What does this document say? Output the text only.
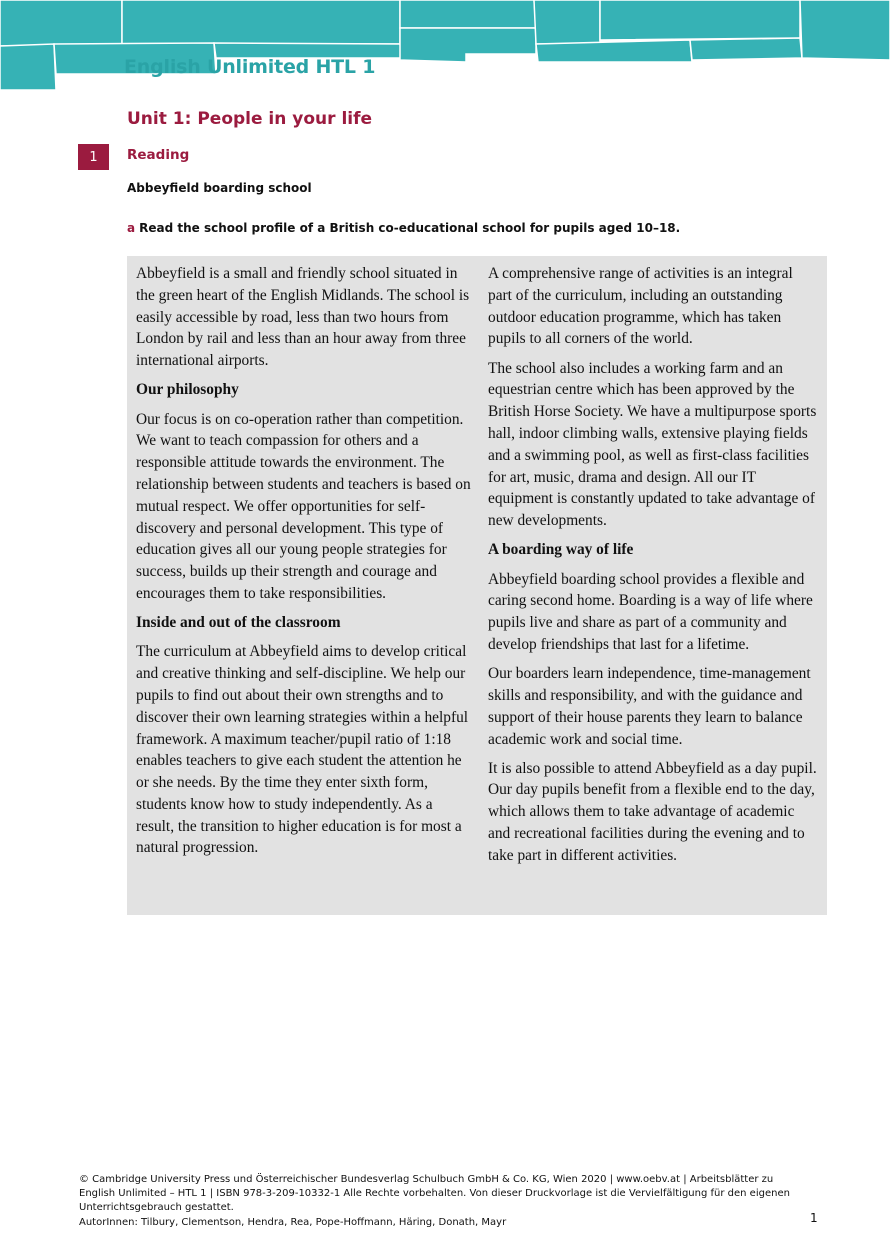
English Unlimited HTL 1
Unit 1: People in your life
1	Reading
Abbeyfield boarding school
a Read the school profile of a British co-educational school for pupils aged 10–18.

Abbeyfield is a small and friendly school situated in the green heart of the English Midlands. The school is easily accessible by road, less than two hours from London by rail and less than an hour away from three international airports.

Our philosophy

Our focus is on co-operation rather than competition. We want to teach compassion for others and a responsible attitude towards the environment. The relationship between students and teachers is based on mutual respect. We offer opportunities for self-discovery and personal development. This type of education gives all our young people strategies for success, builds up their strength and courage and encourages them to take responsibilities.

Inside and out of the classroom

The curriculum at Abbeyfield aims to develop critical and creative thinking and self-discipline. We help our pupils to find out about their own strengths and to discover their own learning strategies within a helpful framework. A maximum teacher/pupil ratio of 1:18 enables teachers to give each student the attention he or she needs. By the time they enter sixth form, students know how to study independently. As a result, the transition to higher education is for most a natural progression.

A comprehensive range of activities is an integral part of the curriculum, including an outstanding outdoor education programme, which has taken pupils to all corners of the world.

The school also includes a working farm and an equestrian centre which has been approved by the British Horse Society. We have a multipurpose sports hall, indoor climbing walls, extensive playing fields and a swimming pool, as well as first-class facilities for art, music, drama and design. All our IT equipment is constantly updated to take advantage of new developments.

A boarding way of life

Abbeyfield boarding school provides a flexible and caring second home. Boarding is a way of life where pupils live and share as part of a community and develop friendships that last for a lifetime.

Our boarders learn independence, time-management skills and responsibility, and with the guidance and support of their house parents they learn to balance academic work and social time.

It is also possible to attend Abbeyfield as a day pupil. Our day pupils benefit from a flexible end to the day, which allows them to take advantage of academic and recreational facilities during the evening and to take part in different activities.

© Cambridge University Press und Österreichischer Bundesverlag Schulbuch GmbH & Co. KG, Wien 2020 | www.oebv.at | Arbeitsblätter zu English Unlimited – HTL 1 | ISBN 978-3-209-10332-1 Alle Rechte vorbehalten. Von dieser Druckvorlage ist die Vervielfältigung für den eigenen Unterrichtsgebrauch gestattet.
AutorInnen: Tilbury, Clementson, Hendra, Rea, Pope-Hoffmann, Häring, Donath, Mayr	1
